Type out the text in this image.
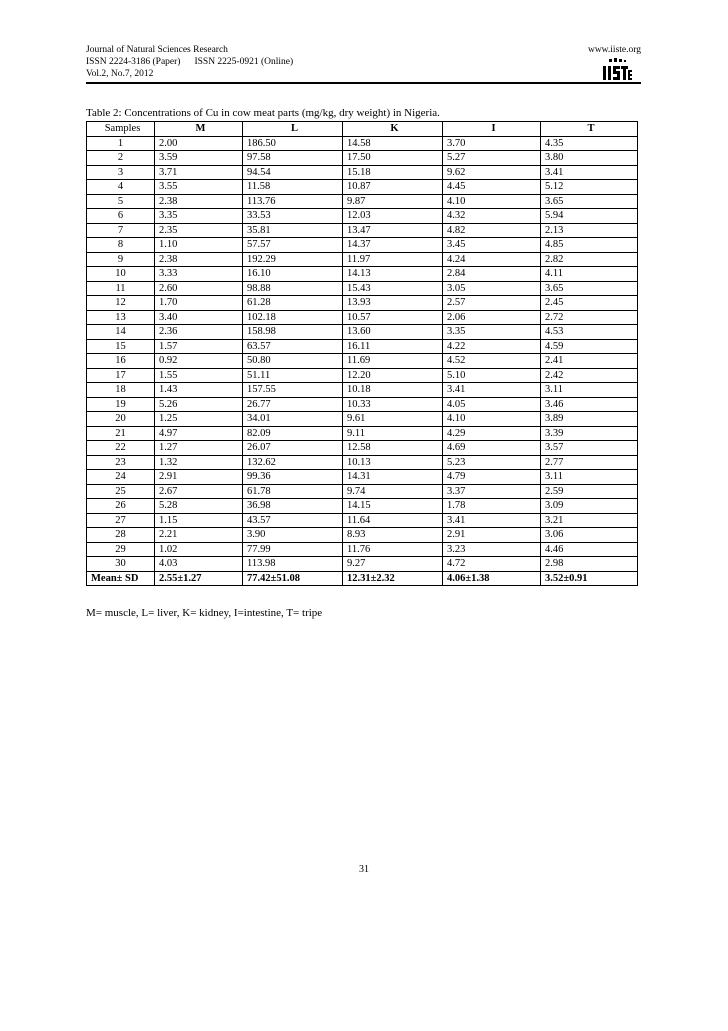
Journal of Natural Sciences Research
ISSN 2224-3186 (Paper) ISSN 2225-0921 (Online)
Vol.2, No.7, 2012
www.iiste.org
Table 2: Concentrations of Cu in cow meat parts (mg/kg, dry weight) in Nigeria.
Samples	M	L	K	I	T
1	2.00	186.50	14.58	3.70	4.35
2	3.59	97.58	17.50	5.27	3.80
3	3.71	94.54	15.18	9.62	3.41
4	3.55	11.58	10.87	4.45	5.12
5	2.38	113.76	9.87	4.10	3.65
6	3.35	33.53	12.03	4.32	5.94
7	2.35	35.81	13.47	4.82	2.13
8	1.10	57.57	14.37	3.45	4.85
9	2.38	192.29	11.97	4.24	2.82
10	3.33	16.10	14.13	2.84	4.11
11	2.60	98.88	15.43	3.05	3.65
12	1.70	61.28	13.93	2.57	2.45
13	3.40	102.18	10.57	2.06	2.72
14	2.36	158.98	13.60	3.35	4.53
15	1.57	63.57	16.11	4.22	4.59
16	0.92	50.80	11.69	4.52	2.41
17	1.55	51.11	12.20	5.10	2.42
18	1.43	157.55	10.18	3.41	3.11
19	5.26	26.77	10.33	4.05	3.46
20	1.25	34.01	9.61	4.10	3.89
21	4.97	82.09	9.11	4.29	3.39
22	1.27	26.07	12.58	4.69	3.57
23	1.32	132.62	10.13	5.23	2.77
24	2.91	99.36	14.31	4.79	3.11
25	2.67	61.78	9.74	3.37	2.59
26	5.28	36.98	14.15	1.78	3.09
27	1.15	43.57	11.64	3.41	3.21
28	2.21	3.90	8.93	2.91	3.06
29	1.02	77.99	11.76	3.23	4.46
30	4.03	113.98	9.27	4.72	2.98
Mean± SD	2.55±1.27	77.42±51.08	12.31±2.32	4.06±1.38	3.52±0.91
M= muscle, L= liver, K= kidney, I=intestine, T= tripe
31
